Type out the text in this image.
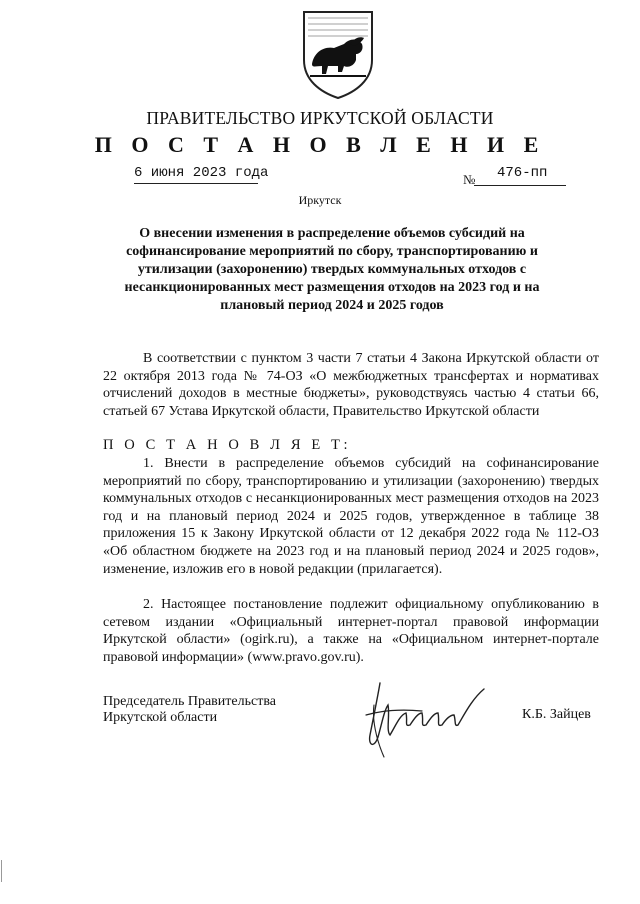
ПРАВИТЕЛЬСТВО ИРКУТСКОЙ ОБЛАСТИ
П О С Т А Н О В Л Е Н И Е
6 июня 2023 года	№ 476-пп
Иркутск
О внесении изменения в распределение объемов субсидий на софинансирование мероприятий по сбору, транспортированию и утилизации (захоронению) твердых коммунальных отходов с несанкционированных мест размещения отходов на 2023 год и на плановый период 2024 и 2025 годов
В соответствии с пунктом 3 части 7 статьи 4 Закона Иркутской области от 22 октября 2013 года № 74-ОЗ «О межбюджетных трансфертах и нормативах отчислений доходов в местные бюджеты», руководствуясь частью 4 статьи 66, статьей 67 Устава Иркутской области, Правительство Иркутской области
П О С Т А Н О В Л Я Е Т:
1. Внести в распределение объемов субсидий на софинансирование мероприятий по сбору, транспортированию и утилизации (захоронению) твердых коммунальных отходов с несанкционированных мест размещения отходов на 2023 год и на плановый период 2024 и 2025 годов, утвержденное в таблице 38 приложения 15 к Закону Иркутской области от 12 декабря 2022 года № 112-ОЗ «Об областном бюджете на 2023 год и на плановый период 2024 и 2025 годов», изменение, изложив его в новой редакции (прилагается).
2. Настоящее постановление подлежит официальному опубликованию в сетевом издании «Официальный интернет-портал правовой информации Иркутской области» (ogirk.ru), а также на «Официальном интернет-портале правовой информации» (www.pravo.gov.ru).
Председатель Правительства
Иркутской области	К.Б. Зайцев
